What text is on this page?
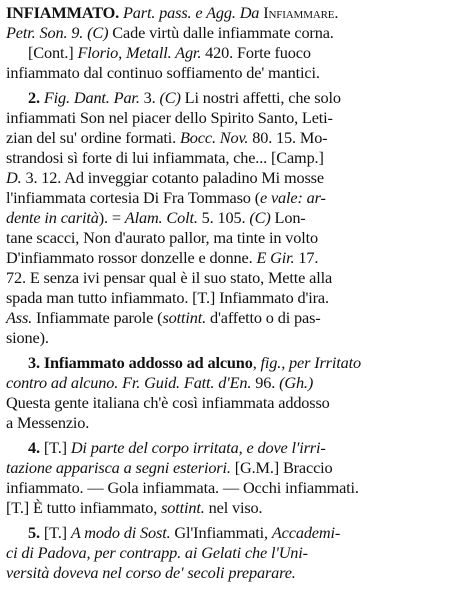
INFIAMMATO. Part. pass. e Agg. Da Infiammare.
Petr. Son. 9. (C) Cade virtù dalle infiammate corna.
[Cont.] Florio, Metall. Agr. 420. Forte fuoco
infiammato dal continuo soffiamento de' mantici.
2. Fig. Dant. Par. 3. (C) Li nostri affetti, che solo
infiammati Son nel piacer dello Spirito Santo, Leti-
zian del su' ordine formati. Bocc. Nov. 80. 15. Mo-
strandosi sì forte di lui infiammata, che... [Camp.]
D. 3. 12. Ad inveggiar cotanto paladino Mi mosse
l'infiammata cortesia Di Fra Tommaso (e vale: ar-
dente in carità). = Alam. Colt. 5. 105. (C) Lon-
tane scacci, Non d'aurato pallor, ma tinte in volto
D'infiammato rossor donzelle e donne. E Gir. 17.
72. E senza ivi pensar qual è il suo stato, Mette alla
spada man tutto infiammato. [T.] Infiammato d'ira.
Ass. Infiammate parole (sottint. d'affetto o di pas-
sione).
3. Infiammato addosso ad alcuno, fig., per Irritato
contro ad alcuno. Fr. Guid. Fatt. d'En. 96. (Gh.)
Questa gente italiana ch'è così infiammata addosso
a Messenzio.
4. [T.] Di parte del corpo irritata, e dove l'irri-
tazione apparisca a segni esteriori. [G.M.] Braccio
infiammato. — Gola infiammata. — Occhi infiammati.
[T.] È tutto infiammato, sottint. nel viso.
5. [T.] A modo di Sost. Gl'Infiammati, Accademi-
ci di Padova, per contrapp. ai Gelati che l'Uni-
versità doveva nel corso de' secoli preparare.
